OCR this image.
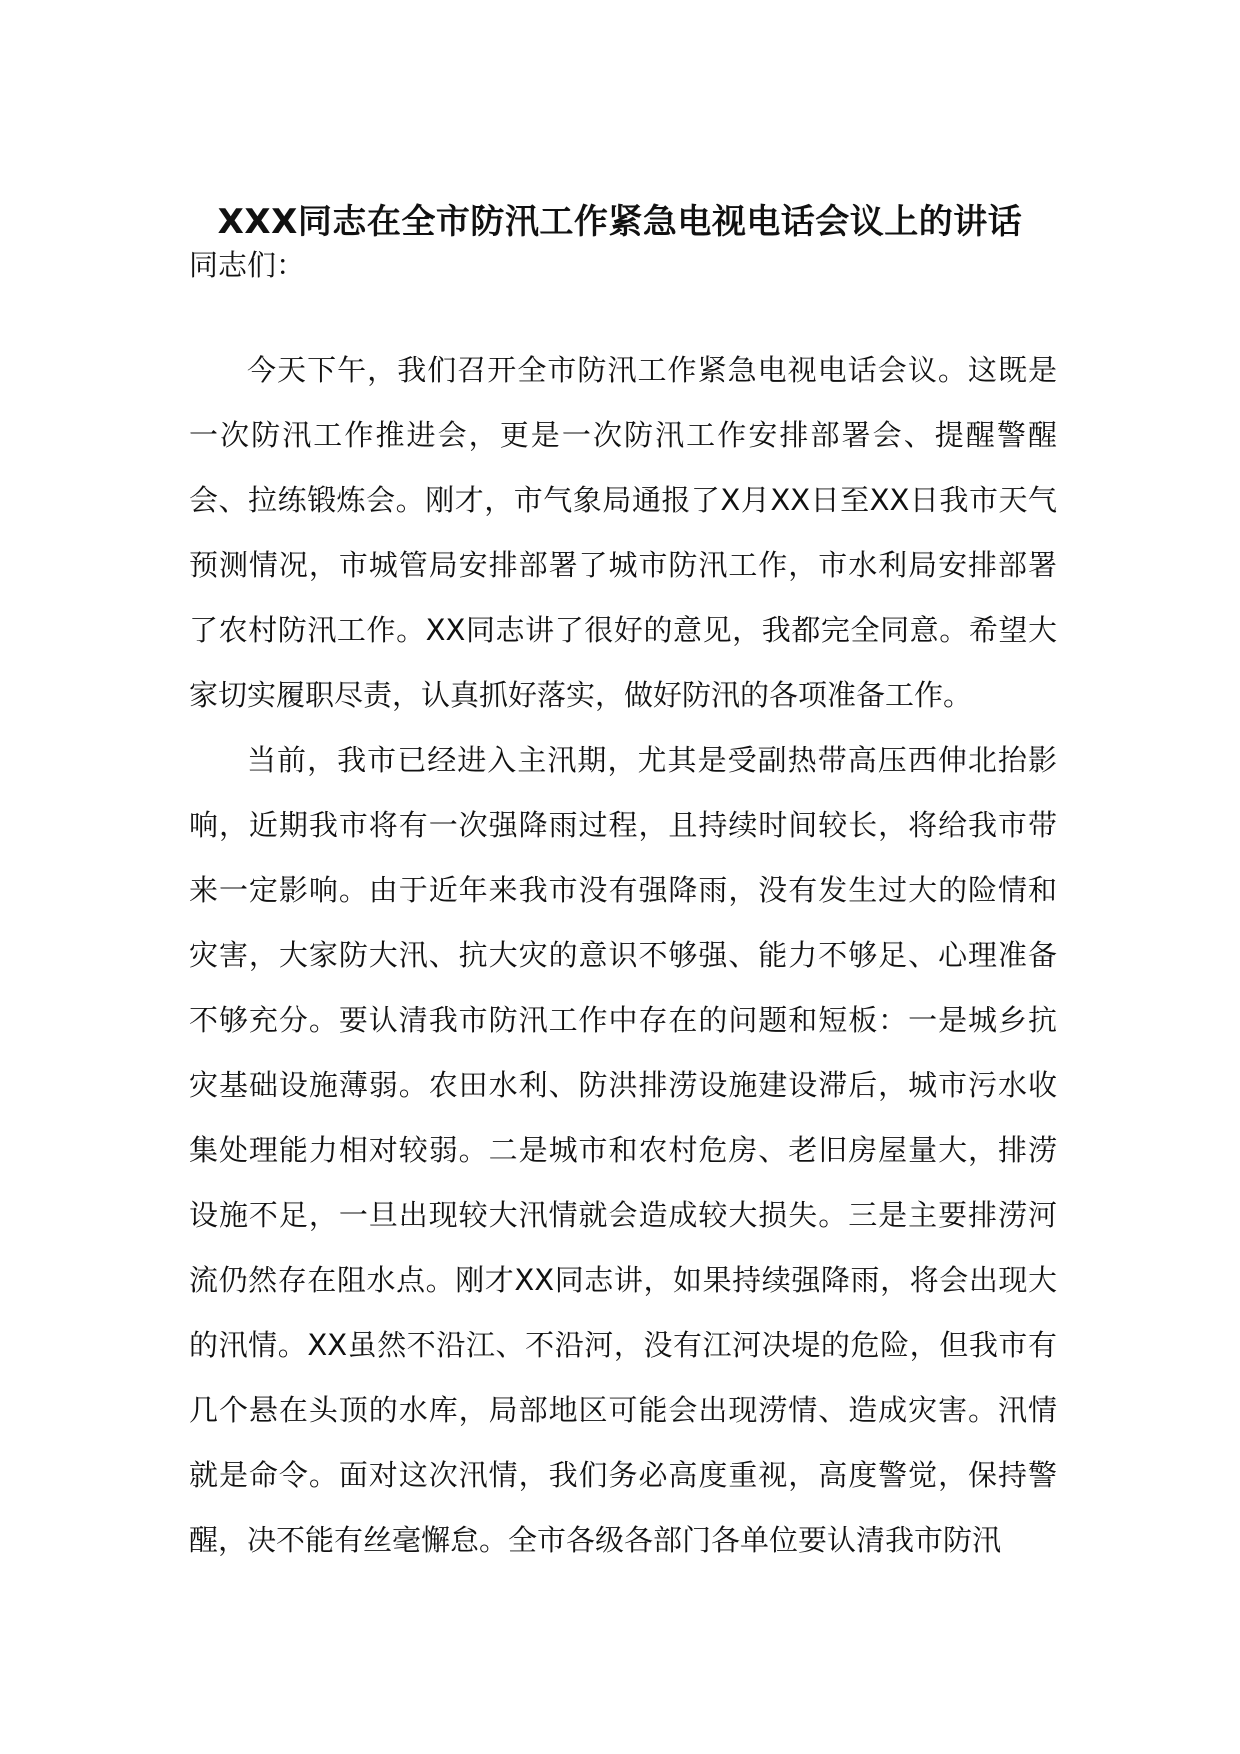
XXX同志在全市防汛工作紧急电视电话会议上的讲话

同志们：

今天下午，我们召开全市防汛工作紧急电视电话会议。这既是一次防汛工作推进会，更是一次防汛工作安排部署会、提醒警醒会、拉练锻炼会。刚才，市气象局通报了X月XX日至XX日我市天气预测情况，市城管局安排部署了城市防汛工作，市水利局安排部署了农村防汛工作。XX同志讲了很好的意见，我都完全同意。希望大家切实履职尽责，认真抓好落实，做好防汛的各项准备工作。

当前，我市已经进入主汛期，尤其是受副热带高压西伸北抬影响，近期我市将有一次强降雨过程，且持续时间较长，将给我市带来一定影响。由于近年来我市没有强降雨，没有发生过大的险情和灾害，大家防大汛、抗大灾的意识不够强、能力不够足、心理准备不够充分。要认清我市防汛工作中存在的问题和短板：一是城乡抗灾基础设施薄弱。农田水利、防洪排涝设施建设滞后，城市污水收集处理能力相对较弱。二是城市和农村危房、老旧房屋量大，排涝设施不足，一旦出现较大汛情就会造成较大损失。三是主要排涝河流仍然存在阻水点。刚才XX同志讲，如果持续强降雨，将会出现大的汛情。XX虽然不沿江、不沿河，没有江河决堤的危险，但我市有几个悬在头顶的水库，局部地区可能会出现涝情、造成灾害。汛情就是命令。面对这次汛情，我们务必高度重视，高度警觉，保持警醒，决不能有丝毫懈怠。全市各级各部门各单位要认清我市防汛
